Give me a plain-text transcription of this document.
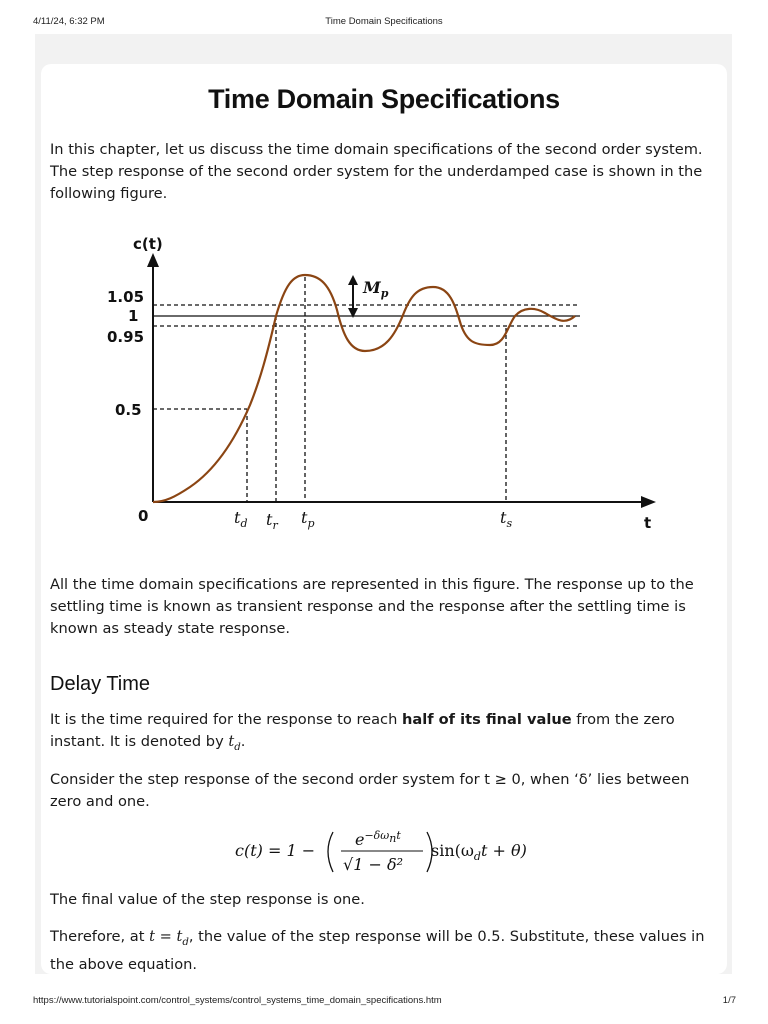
4/11/24, 6:32 PM	Time Domain Specifications
Time Domain Specifications

In this chapter, let us discuss the time domain specifications of the second order system. The step response of the second order system for the underdamped case is shown in the following figure.

c(t)
t
0
1.05
1
0.95
0.5
$M_p$
$t_d$ $t_r$ $t_p$	$t_s$

All the time domain specifications are represented in this figure. The response up to the settling time is known as transient response and the response after the settling time is known as steady state response.

Delay Time

It is the time required for the response to reach half of its final value from the zero instant. It is denoted by $t_d$.

Consider the step response of the second order system for t ≥ 0, when ‘δ’ lies between zero and one.

c(t) = 1 −
$e^{-\delta\omega}nt$
√1 − δ²
$\sin(\omega_dt + \theta)$

The final value of the step response is one.

Therefore, at $t = t_d$, the value of the step response will be 0.5. Substitute, these values in the above equation.

https://www.tutorialspoint.com/control_systems/control_systems_time_domain_specifications.htm	1/7
